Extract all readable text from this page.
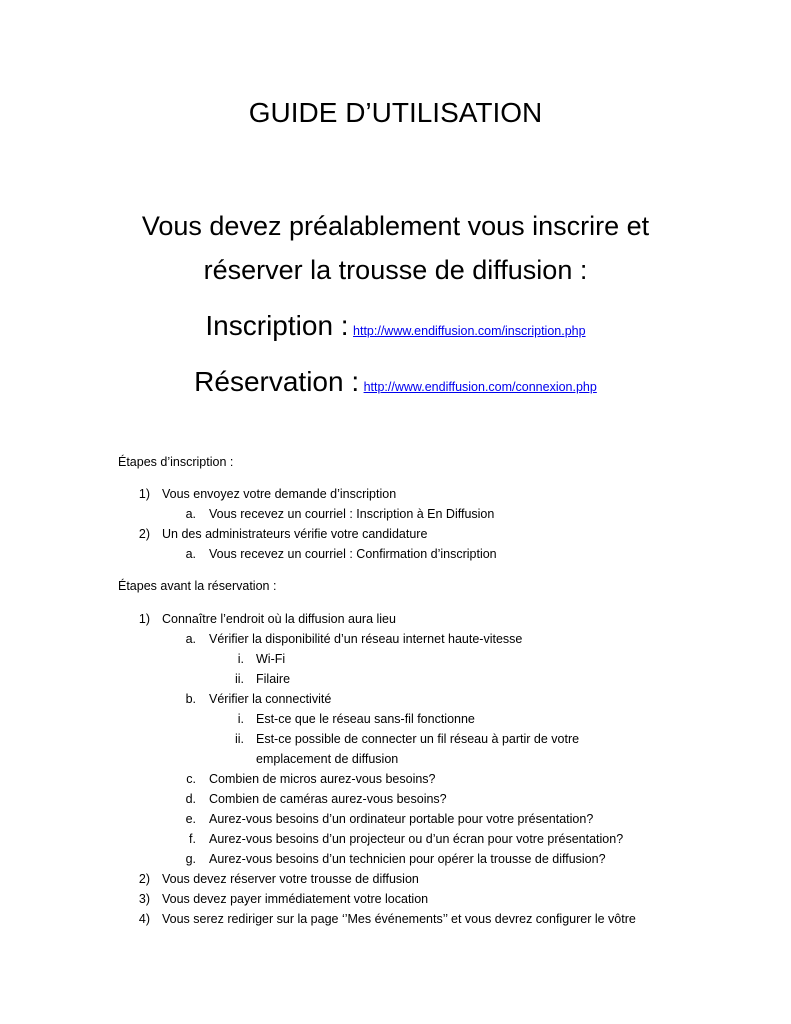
GUIDE D’UTILISATION
Vous devez préalablement vous inscrire et
réserver la trousse de diffusion :
Inscription : http://www.endiffusion.com/inscription.php
Réservation : http://www.endiffusion.com/connexion.php
Étapes d’inscription :
1) Vous envoyez votre demande d’inscription
a. Vous recevez un courriel : Inscription à En Diffusion
2) Un des administrateurs vérifie votre candidature
a. Vous recevez un courriel : Confirmation d’inscription
Étapes avant la réservation :
1) Connaître l’endroit où la diffusion aura lieu
a. Vérifier la disponibilité d’un réseau internet haute-vitesse
i. Wi-Fi
ii. Filaire
b. Vérifier la connectivité
i. Est-ce que le réseau sans-fil fonctionne
ii. Est-ce possible de connecter un fil réseau à partir de votre
emplacement de diffusion
c. Combien de micros aurez-vous besoins?
d. Combien de caméras aurez-vous besoins?
e. Aurez-vous besoins d’un ordinateur portable pour votre présentation?
f. Aurez-vous besoins d’un projecteur ou d’un écran pour votre présentation?
g. Aurez-vous besoins d’un technicien pour opérer la trousse de diffusion?
2) Vous devez réserver votre trousse de diffusion
3) Vous devez payer immédiatement votre location
4) Vous serez rediriger sur la page ‘’Mes événements’’ et vous devrez configurer le vôtre
